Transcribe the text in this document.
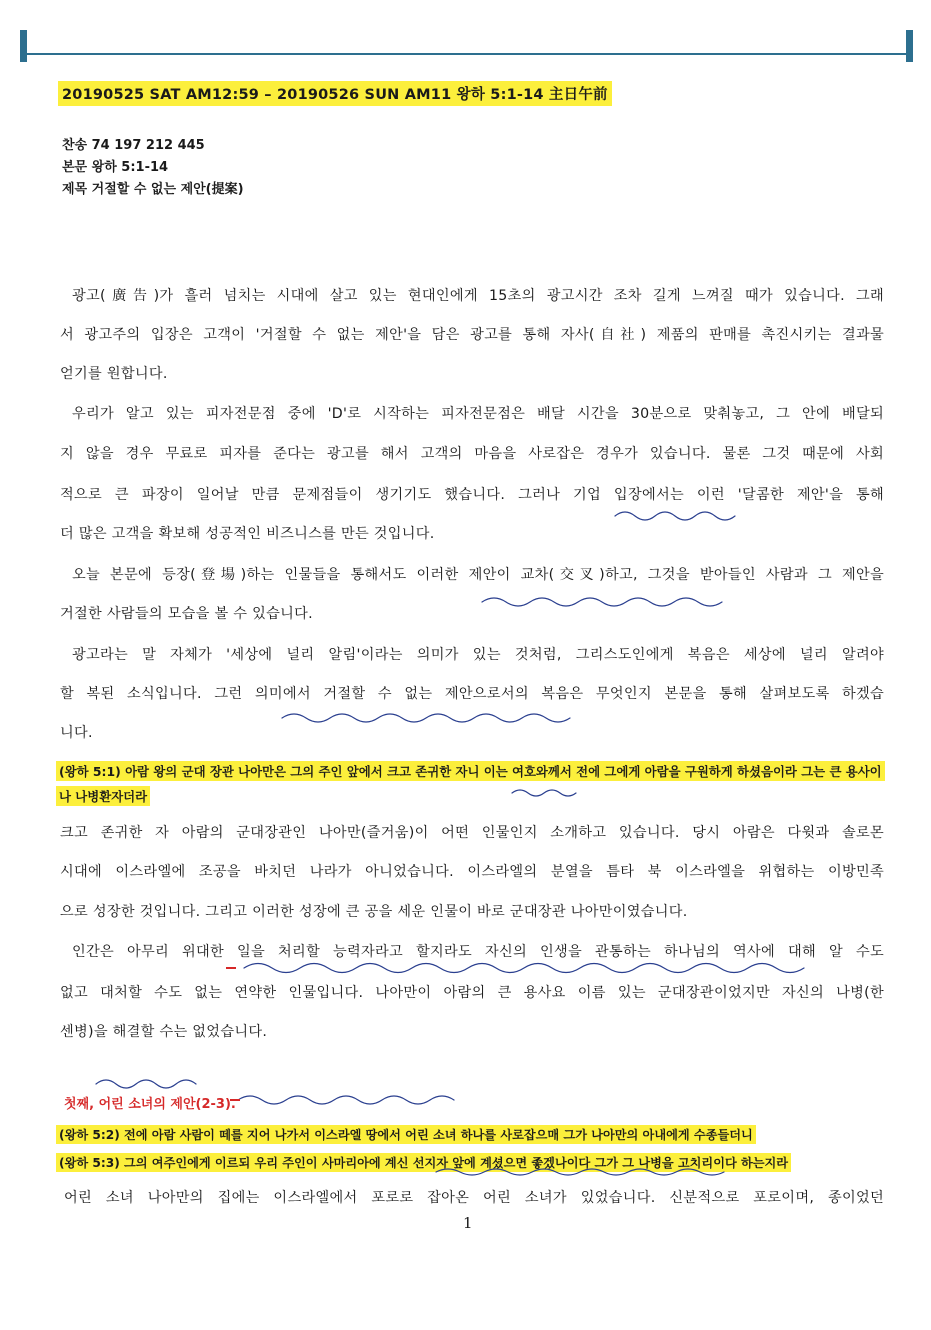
20190525 SAT AM12:59 – 20190526 SUN AM11 왕하 5:1-14 主日午前
찬송 74 197 212 445
본문 왕하 5:1-14
제목 거절할 수 없는 제안(提案)
광고(廣告)가 흘러 넘치는 시대에 살고 있는 현대인에게 15초의 광고시간 조차 길게 느껴질 때가 있습니다. 그래
서 광고주의 입장은 고객이 '거절할 수 없는 제안'을 담은 광고를 통해 자사(自社) 제품의 판매를 촉진시키는 결과물
얻기를 원합니다.
우리가 알고 있는 피자전문점 중에 'D'로 시작하는 피자전문점은 배달 시간을 30분으로 맞춰놓고, 그 안에 배달되
지 않을 경우 무료로 피자를 준다는 광고를 해서 고객의 마음을 사로잡은 경우가 있습니다. 물론 그것 때문에 사회
적으로 큰 파장이 일어날 만큼 문제점들이 생기기도 했습니다. 그러나 기업 입장에서는 이런 '달콤한 제안'을 통해
더 많은 고객을 확보해 성공적인 비즈니스를 만든 것입니다.
오늘 본문에 등장(登場)하는 인물들을 통해서도 이러한 제안이 교차(交叉)하고, 그것을 받아들인 사람과 그 제안을
거절한 사람들의 모습을 볼 수 있습니다.
광고라는 말 자체가 '세상에 널리 알림'이라는 의미가 있는 것처럼, 그리스도인에게 복음은 세상에 널리 알려야
할 복된 소식입니다. 그런 의미에서 거절할 수 없는 제안으로서의 복음은 무엇인지 본문을 통해 살펴보도록 하겠습
니다.
(왕하 5:1) 아람 왕의 군대 장관 나아만은 그의 주인 앞에서 크고 존귀한 자니 이는 여호와께서 전에 그에게 아람을 구원하게 하셨음이라 그는 큰 용사이
나 나병환자더라
크고 존귀한 자 아람의 군대장관인 나아만(즐거움)이 어떤 인물인지 소개하고 있습니다. 당시 아람은 다윗과 솔로몬
시대에 이스라엘에 조공을 바치던 나라가 아니었습니다. 이스라엘의 분열을 틈타 북 이스라엘을 위협하는 이방민족
으로 성장한 것입니다. 그리고 이러한 성장에 큰 공을 세운 인물이 바로 군대장관 나아만이였습니다.
인간은 아무리 위대한 일을 처리할 능력자라고 할지라도 자신의 인생을 관통하는 하나님의 역사에 대해 알 수도
없고 대처할 수도 없는 연약한 인물입니다. 나아만이 아람의 큰 용사요 이름 있는 군대장관이었지만 자신의 나병(한
센병)을 해결할 수는 없었습니다.
첫째, 어린 소녀의 제안(2-3).
(왕하 5:2) 전에 아람 사람이 떼를 지어 나가서 이스라엘 땅에서 어린 소녀 하나를 사로잡으매 그가 나아만의 아내에게 수종들더니
(왕하 5:3) 그의 여주인에게 이르되 우리 주인이 사마리아에 계신 선지자 앞에 계셨으면 좋겠나이다 그가 그 나병을 고치리이다 하는지라
어린 소녀 나아만의 집에는 이스라엘에서 포로로 잡아온 어린 소녀가 있었습니다. 신분적으로 포로이며, 종이었던
1
